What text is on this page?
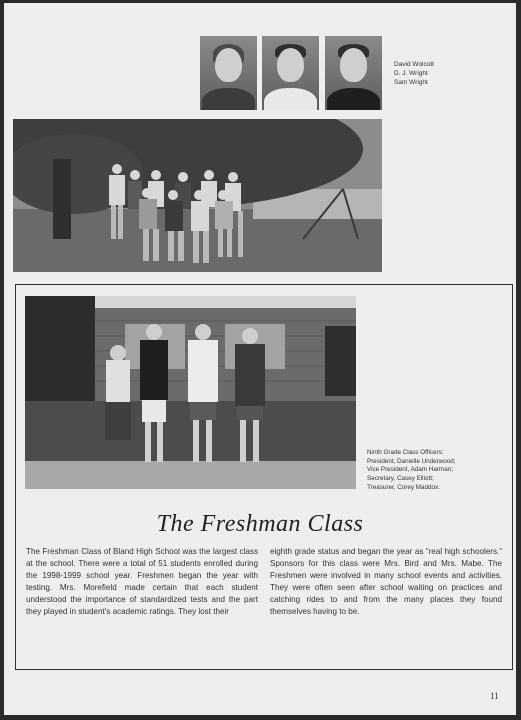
David Wolcott
D. J. Wright
Sam Wright
Ninth Grade Class Officers:
President, Danielle Underwood;
Vice President, Adam Harman;
Secretary, Casey Elliott;
Treasurer, Corey Maddox.
The Freshman Class
The Freshman Class of Bland High School was the largest class at the school. There were a total of 51 students enrolled during the 1998-1999 school year. Freshmen began the year with testing. Mrs. Morefield made certain that each student understood the importance of standardized tests and the part they played in student's academic ratings. They lost their
eighth grade status and began the year as “real high schoolers.” Sponsors for this class were Mrs. Bird and Mrs. Mabe. The Freshmen were involved in many school events and activities. They were often seen after school waiting on practices and catching rides to and from the many places they found themselves having to be.
11
